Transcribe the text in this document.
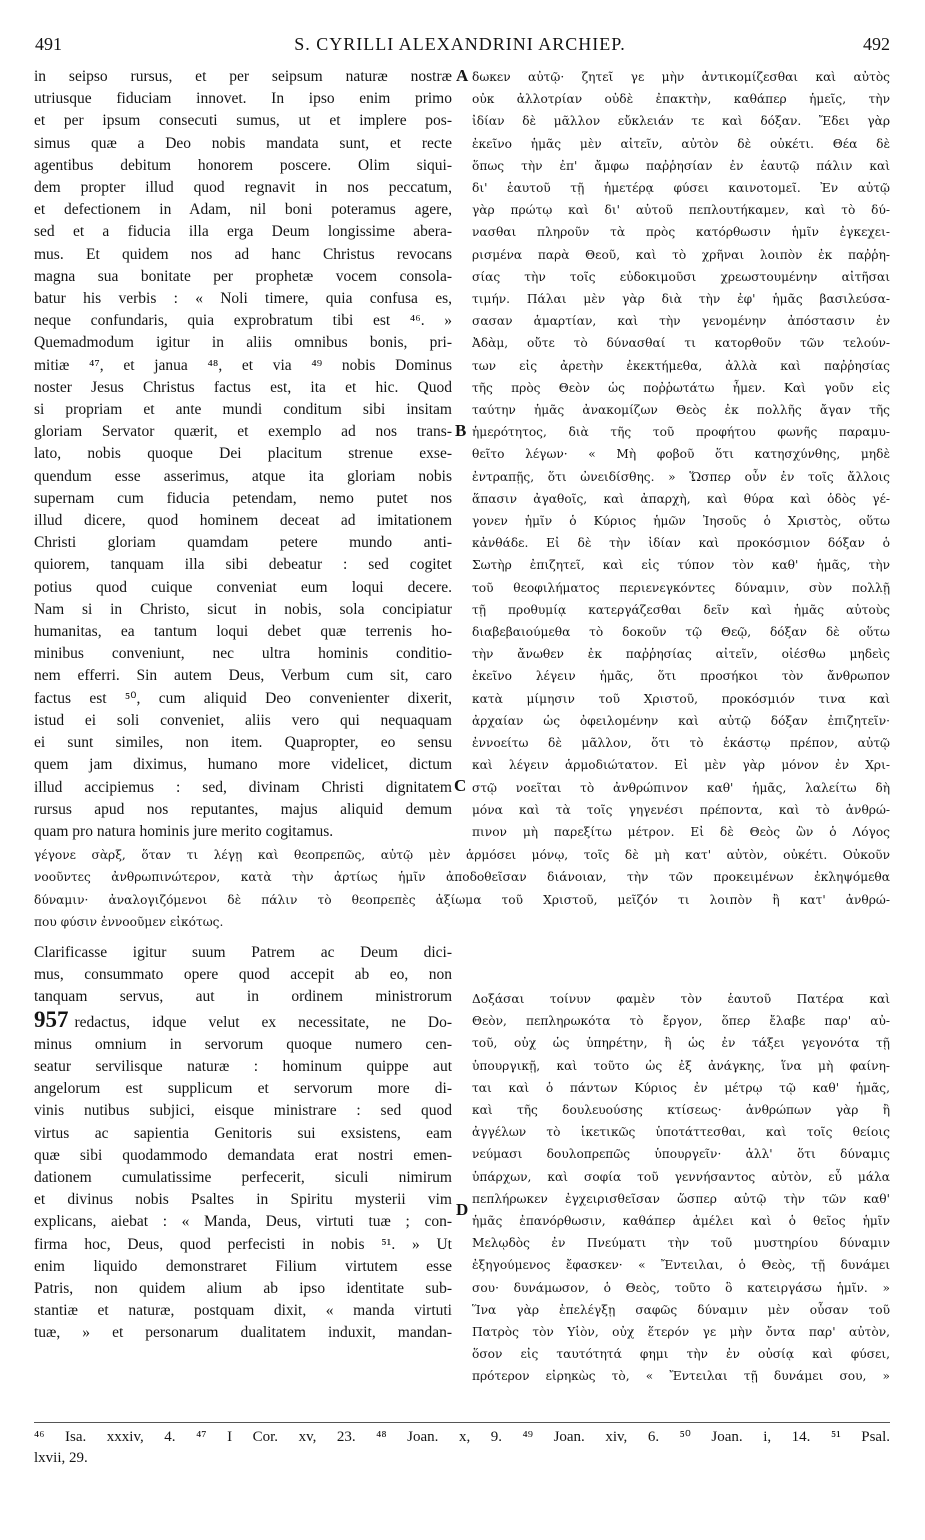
491	S. CYRILLI ALEXANDRINI ARCHIEP.	492
in seipso rursus, et per seipsum naturæ nostræ
utriusque fiduciam innovet. In ipso enim primo
et per ipsum consecuti sumus, ut et implere pos-
simus quæ a Deo nobis mandata sunt, et recte
agentibus debitum honorem poscere. Olim siqui-
dem propter illud quod regnavit in nos peccatum,
et defectionem in Adam, nil boni poteramus agere,
sed et a fiducia illa erga Deum longissime abera-
mus. Et quidem nos ad hanc Christus revocans
magna sua bonitate per prophetæ vocem consola-
batur his verbis : « Noli timere, quia confusa es,
neque confundaris, quia exprobratum tibi est ⁴⁶. »
Quemadmodum igitur in aliis omnibus bonis, pri-
mitiæ ⁴⁷, et janua ⁴⁸, et via ⁴⁹ nobis Dominus
noster Jesus Christus factus est, ita et hic. Quod
si propriam et ante mundi conditum sibi insitam
gloriam Servator quærit, et exemplo ad nos trans-
lato, nobis quoque Dei placitum strenue exse-
quendum esse asserimus, atque ita gloriam nobis
supernam cum fiducia petendam, nemo putet nos
illud dicere, quod hominem deceat ad imitationem
Christi gloriam quamdam petere mundo anti-
quiorem, tanquam illa sibi debeatur : sed cogitet
potius quod cuique conveniat eum loqui decere.
Nam si in Christo, sicut in nobis, sola concipiatur
humanitas, ea tantum loqui debet quæ terrenis ho-
minibus conveniunt, nec ultra hominis conditio-
nem efferri. Sin autem Deus, Verbum cum sit, caro
factus est ⁵⁰, cum aliquid Deo convenienter dixerit,
istud ei soli conveniet, aliis vero qui nequaquam
ei sunt similes, non item. Quapropter, eo sensu
quem jam diximus, humano more videlicet, dictum
illud accipiemus : sed, divinam Christi dignitatem
rursus apud nos reputantes, majus aliquid demum
quam pro natura hominis jure merito cogitamus.
δωκεν αὐτῷ· ζητεῖ γε μὴν ἀντικομίζεσθαι καὶ αὐτὸς
οὐκ ἀλλοτρίαν οὐδὲ ἐπακτὴν, καθάπερ ἡμεῖς, τὴν
ἰδίαν δὲ μᾶλλον εὔκλειάν τε καὶ δόξαν. Ἔδει γὰρ
ἐκεῖνο ἡμᾶς μὲν αἰτεῖν, αὐτὸν δὲ οὐκέτι. Θέα δὲ
ὅπως τὴν ἐπ' ἄμφω παῤῥησίαν ἐν ἑαυτῷ πάλιν καὶ
δι' ἑαυτοῦ τῇ ἡμετέρᾳ φύσει καινοτομεῖ. Ἐν αὐτῷ
γὰρ πρώτῳ καὶ δι' αὐτοῦ πεπλουτήκαμεν, καὶ τὸ δύ-
νασθαι πληροῦν τὰ πρὸς κατόρθωσιν ἡμῖν ἐγκεχει-
ρισμένα παρὰ Θεοῦ, καὶ τὸ χρῆναι λοιπὸν ἐκ παῤῥη-
σίας τὴν τοῖς εὐδοκιμοῦσι χρεωστουμένην αἰτῆσαι
τιμήν. Πάλαι μὲν γὰρ διὰ τὴν ἐφ' ἡμᾶς βασιλεύσα-
σασαν ἁμαρτίαν, καὶ τὴν γενομένην ἀπόστασιν ἐν
Ἀδὰμ, οὔτε τὸ δύνασθαί τι κατορθοῦν τῶν τελούν-
των εἰς ἀρετὴν ἐκεκτήμεθα, ἀλλὰ καὶ παῤῥησίας
τῆς πρὸς Θεὸν ὡς ποῤῥωτάτω ἦμεν. Καὶ γοῦν εἰς
ταύτην ἡμᾶς ἀνακομίζων Θεὸς ἐκ πολλῆς ἄγαν τῆς
ἡμερότητος, διὰ τῆς τοῦ προφήτου φωνῆς παραμυ-
θεῖτο λέγων· « Μὴ φοβοῦ ὅτι κατησχύνθης, μηδὲ
ἐντραπῇς, ὅτι ὠνειδίσθης. » Ὥσπερ οὖν ἐν τοῖς ἄλλοις
ἅπασιν ἀγαθοῖς, καὶ ἀπαρχὴ, καὶ θύρα καὶ ὁδὸς γέ-
γονεν ἡμῖν ὁ Κύριος ἡμῶν Ἰησοῦς ὁ Χριστὸς, οὕτω
κἀνθάδε. Εἰ δὲ τὴν ἰδίαν καὶ προκόσμιον δόξαν ὁ
Σωτὴρ ἐπιζητεῖ, καὶ εἰς τύπον τὸν καθ' ἡμᾶς, τὴν
τοῦ θεοφιλήματος περιενεγκόντες δύναμιν, σὺν πολλῇ
τῇ προθυμίᾳ κατεργάζεσθαι δεῖν καὶ ἡμᾶς αὐτοὺς
διαβεβαιούμεθα τὸ δοκοῦν τῷ Θεῷ, δόξαν δὲ οὕτω
τὴν ἄνωθεν ἐκ παῤῥησίας αἰτεῖν, οἰέσθω μηδεὶς
ἐκεῖνο λέγειν ἡμᾶς, ὅτι προσήκοι τὸν ἄνθρωπον
κατὰ μίμησιν τοῦ Χριστοῦ, προκόσμιόν τινα καὶ
ἀρχαίαν ὡς ὀφειλομένην καὶ αὐτῷ δόξαν ἐπιζητεῖν·
ἐννοείτω δὲ μᾶλλον, ὅτι τὸ ἑκάστῳ πρέπον, αὐτῷ
καὶ λέγειν ἁρμοδιώτατον. Εἰ μὲν γὰρ μόνον ἐν Χρι-
στῷ νοεῖται τὸ ἀνθρώπινον καθ' ἡμᾶς, λαλείτω δὴ
μόνα καὶ τὰ τοῖς γηγενέσι πρέποντα, καὶ τὸ ἀνθρώ-
πινον μὴ παρεξίτω μέτρον. Εἰ δὲ Θεὸς ὢν ὁ Λόγος
A
B
C
D
γέγονε σὰρξ, ὅταν τι λέγῃ καὶ θεοπρεπῶς, αὐτῷ μὲν ἁρμόσει μόνῳ, τοῖς δὲ μὴ κατ' αὐτὸν, οὐκέτι. Οὐκοῦν
νοοῦντες ἀνθρωπινώτερον, κατὰ τὴν ἀρτίως ἡμῖν ἀποδοθεῖσαν διάνοιαν, τὴν τῶν προκειμένων ἐκληψόμεθα
δύναμιν· ἀναλογιζόμενοι δὲ πάλιν τὸ θεοπρεπὲς ἀξίωμα τοῦ Χριστοῦ, μεῖζόν τι λοιπὸν ἢ κατ' ἀνθρώ-
που φύσιν ἐννοοῦμεν εἰκότως.
Clarificasse igitur suum Patrem ac Deum dici-
mus, consummato opere quod accepit ab eo, non
tanquam servus, aut in ordinem ministrorum
957 redactus, idque velut ex necessitate, ne Do-
minus omnium in servorum quoque numero cen-
seatur servilisque naturæ : hominum quippe aut
angelorum est supplicum et servorum more di-
vinis nutibus subjici, eisque ministrare : sed quod
virtus ac sapientia Genitoris sui exsistens, eam
quæ sibi quodammodo demandata erat nostri emen-
dationem cumulatissime perfecerit, siculi nimirum
et divinus nobis Psaltes in Spiritu mysterii vim
explicans, aiebat : « Manda, Deus, virtuti tuæ ; con-
firma hoc, Deus, quod perfecisti in nobis ⁵¹. » Ut
enim liquido demonstraret Filium virtutem esse
Patris, non quidem alium ab ipso identitate sub-
stantiæ et naturæ, postquam dixit, « manda virtuti
tuæ, » et personarum dualitatem induxit, mandan-
Δοξάσαι τοίνυν φαμὲν τὸν ἑαυτοῦ Πατέρα καὶ
Θεὸν, πεπληρωκότα τὸ ἔργον, ὅπερ ἔλαβε παρ' αὐ-
τοῦ, οὐχ ὡς ὑπηρέτην, ἢ ὡς ἐν τάξει γεγονότα τῇ
ὑπουργικῇ, καὶ τοῦτο ὡς ἐξ ἀνάγκης, ἵνα μὴ φαίνη-
ται καὶ ὁ πάντων Κύριος ἐν μέτρῳ τῷ καθ' ἡμᾶς,
καὶ τῆς δουλευούσης κτίσεως· ἀνθρώπων γὰρ ἢ
ἀγγέλων τὸ ἱκετικῶς ὑποτάττεσθαι, καὶ τοῖς θείοις
νεύμασι δουλοπρεπῶς ὑπουργεῖν· ἀλλ' ὅτι δύναμις
ὑπάρχων, καὶ σοφία τοῦ γεννήσαντος αὐτὸν, εὖ μάλα
πεπλήρωκεν ἐγχειρισθεῖσαν ὥσπερ αὐτῷ τὴν τῶν καθ'
ἡμᾶς ἐπανόρθωσιν, καθάπερ ἀμέλει καὶ ὁ θεῖος ἡμῖν
Μελῳδὸς ἐν Πνεύματι τὴν τοῦ μυστηρίου δύναμιν
ἐξηγούμενος ἔφασκεν· « Ἔντειλαι, ὁ Θεὸς, τῇ δυνάμει
σου· δυνάμωσον, ὁ Θεὸς, τοῦτο ὃ κατειργάσω ἡμῖν. »
Ἵνα γὰρ ἐπελέγξῃ σαφῶς δύναμιν μὲν οὖσαν τοῦ
Πατρὸς τὸν Υἱὸν, οὐχ ἕτερόν γε μὴν ὄντα παρ' αὐτὸν,
ὅσον εἰς ταυτότητά φημι τὴν ἐν οὐσίᾳ καὶ φύσει,
πρότερον εἰρηκὼς τὸ, « Ἔντειλαι τῇ δυνάμει σου, »
⁴⁶ Isa. xxxiv, 4. ⁴⁷ I Cor. xv, 23. ⁴⁸ Joan. x, 9. ⁴⁹ Joan. xiv, 6. ⁵⁰ Joan. i, 14. ⁵¹ Psal.
lxvii, 29.
